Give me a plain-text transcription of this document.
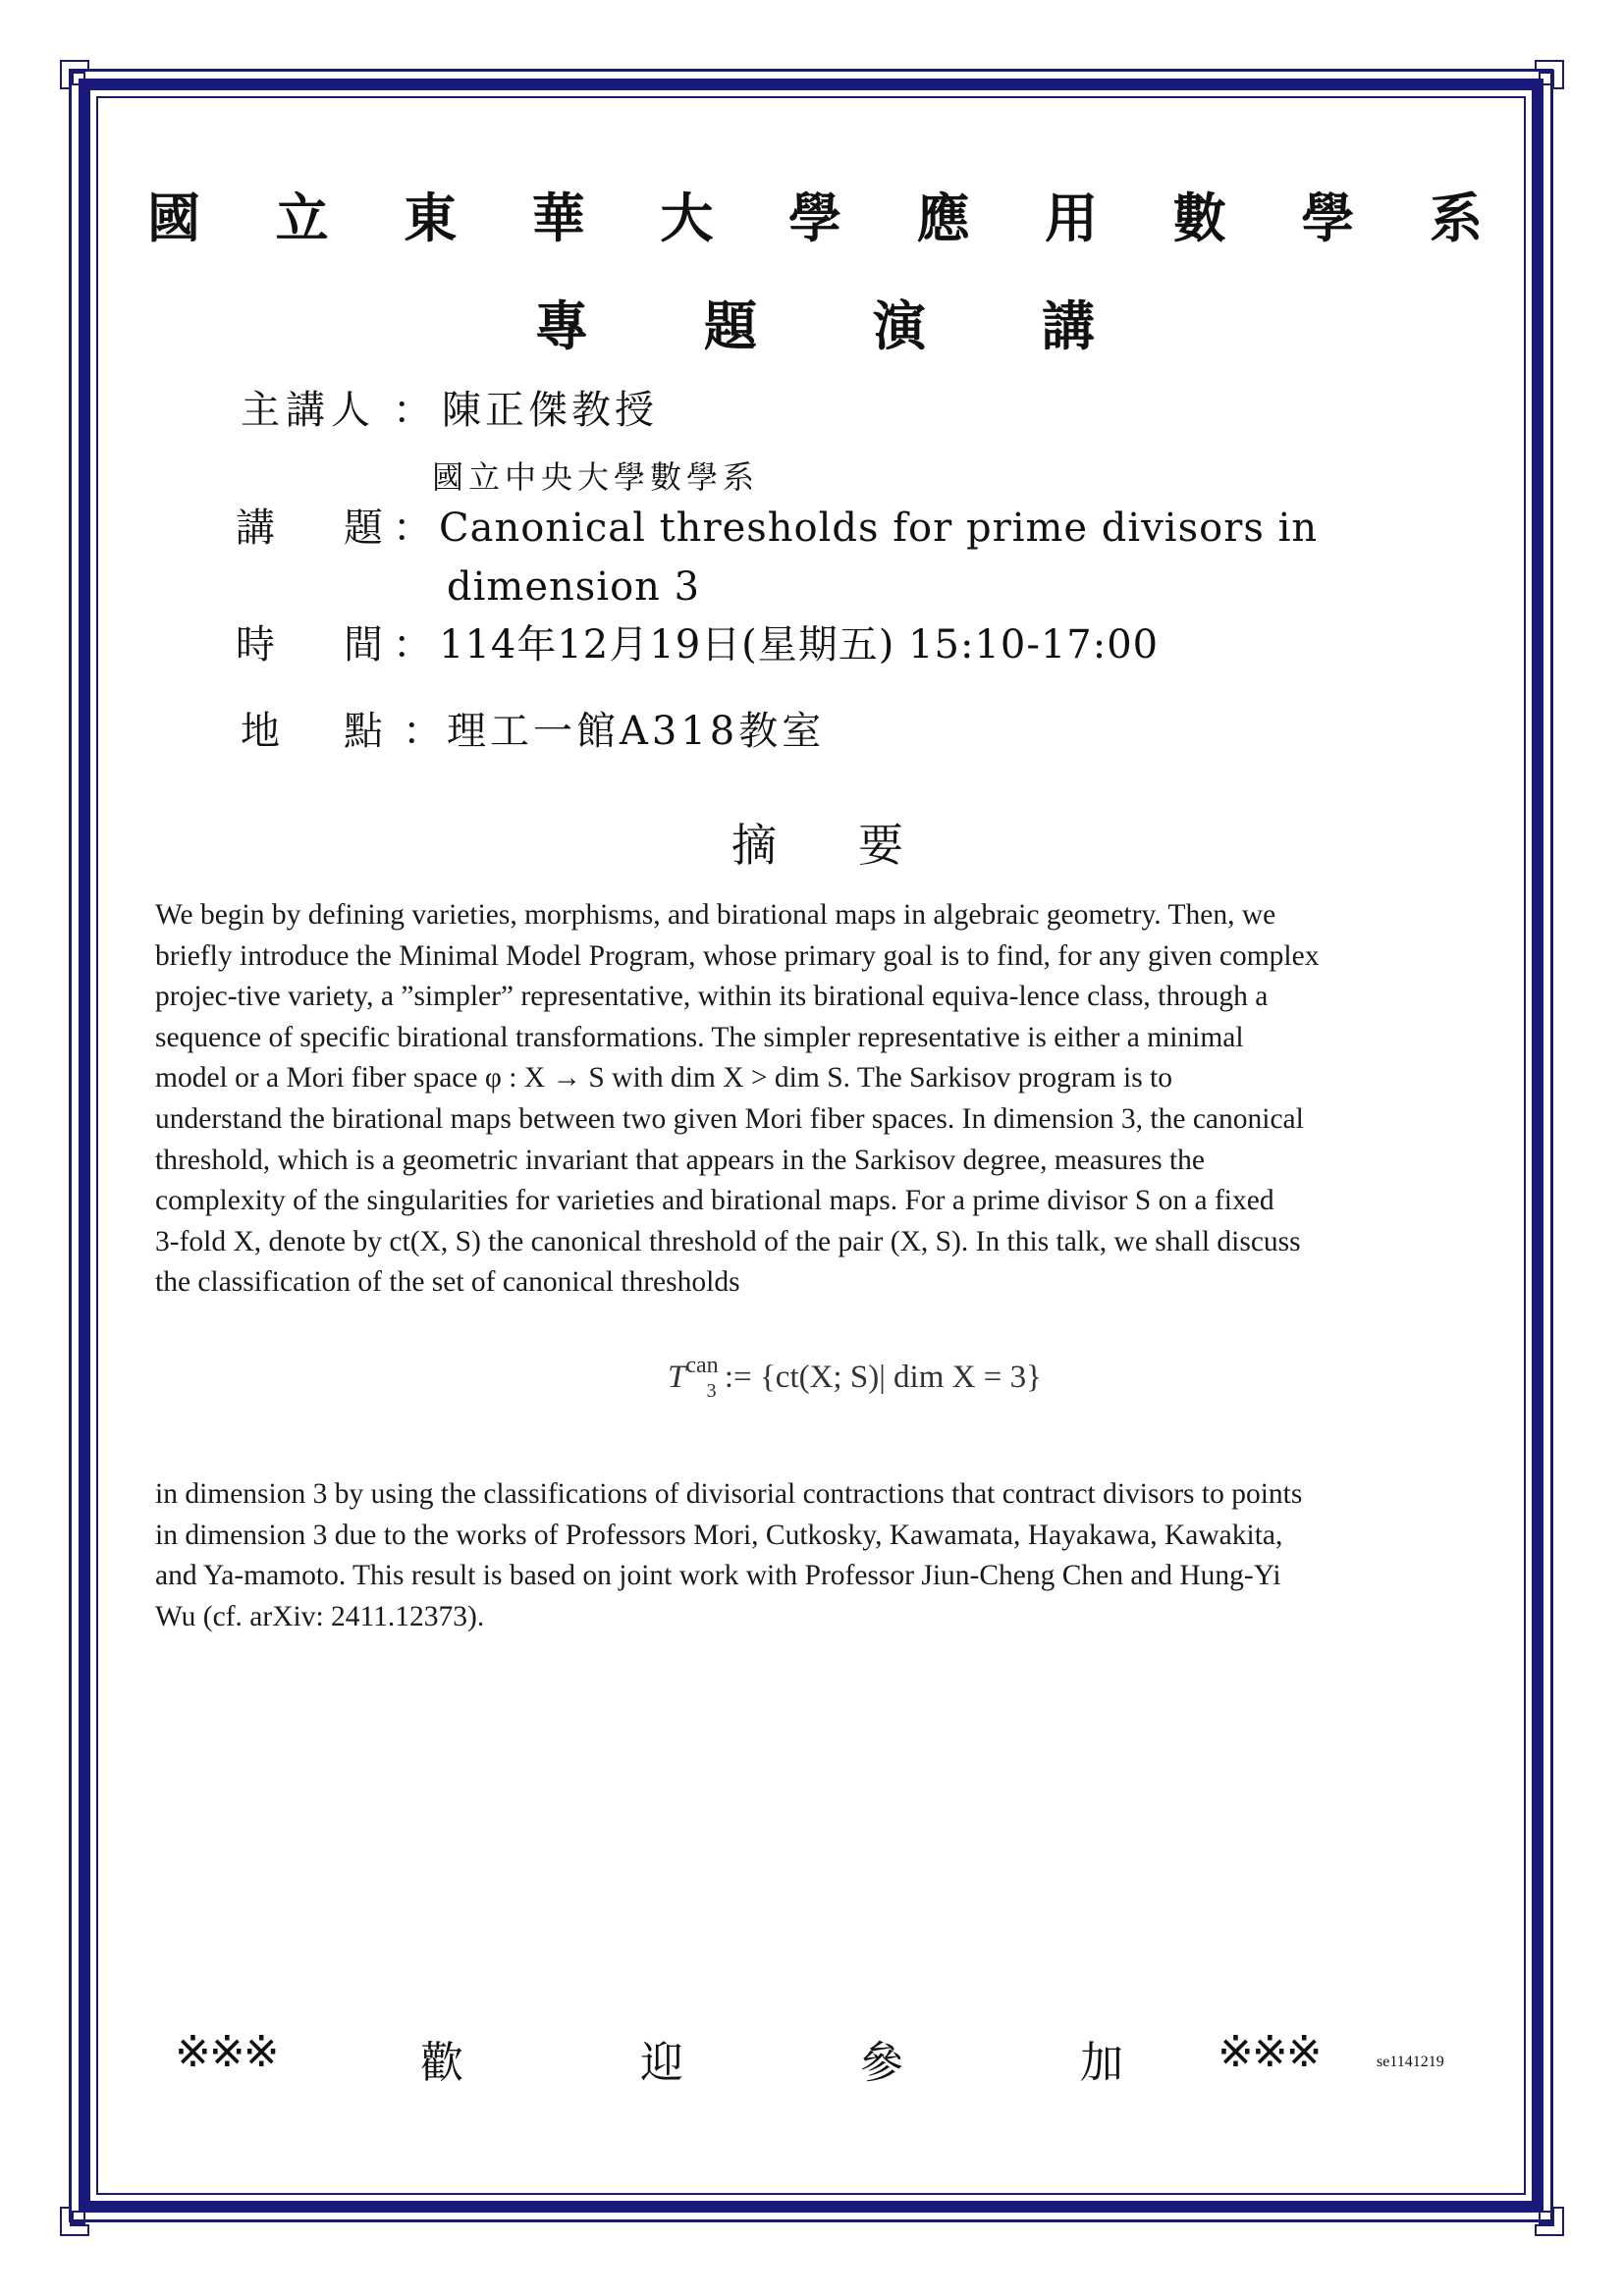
國 立 東 華 大 學 應 用 數 學 系
專 題 演 講
主講人 ： 陳正傑教授
國立中央大學數學系
講 題 ： Canonical thresholds for prime divisors in
dimension 3
時 間 ： 114年12月19日(星期五) 15:10-17:00
地 點 ： 理工一館A318教室
摘 要
We begin by defining varieties, morphisms, and birational maps in algebraic geometry. Then, we
briefly introduce the Minimal Model Program, whose primary goal is to find, for any given complex
projec-tive variety, a ”simpler” representative, within its birational equiva-lence class, through a
sequence of specific birational transformations. The simpler representative is either a minimal
model or a Mori fiber space φ : X → S with dim X > dim S. The Sarkisov program is to
understand the birational maps between two given Mori fiber spaces. In dimension 3, the canonical
threshold, which is a geometric invariant that appears in the Sarkisov degree, measures the
complexity of the singularities for varieties and birational maps. For a prime divisor S on a fixed
3-fold X, denote by ct(X, S) the canonical threshold of the pair (X, S). In this talk, we shall discuss
the classification of the set of canonical thresholds
$T^{can}_3$ := {ct(X; S)| dim X = 3}
in dimension 3 by using the classifications of divisorial contractions that contract divisors to points
in dimension 3 due to the works of Professors Mori, Cutkosky, Kawamata, Hayakawa, Kawakita,
and Ya-mamoto. This result is based on joint work with Professor Jiun-Cheng Chen and Hung-Yi
Wu (cf. arXiv: 2411.12373).
※※※	歡	迎	參	加 ※※※	se1141219
